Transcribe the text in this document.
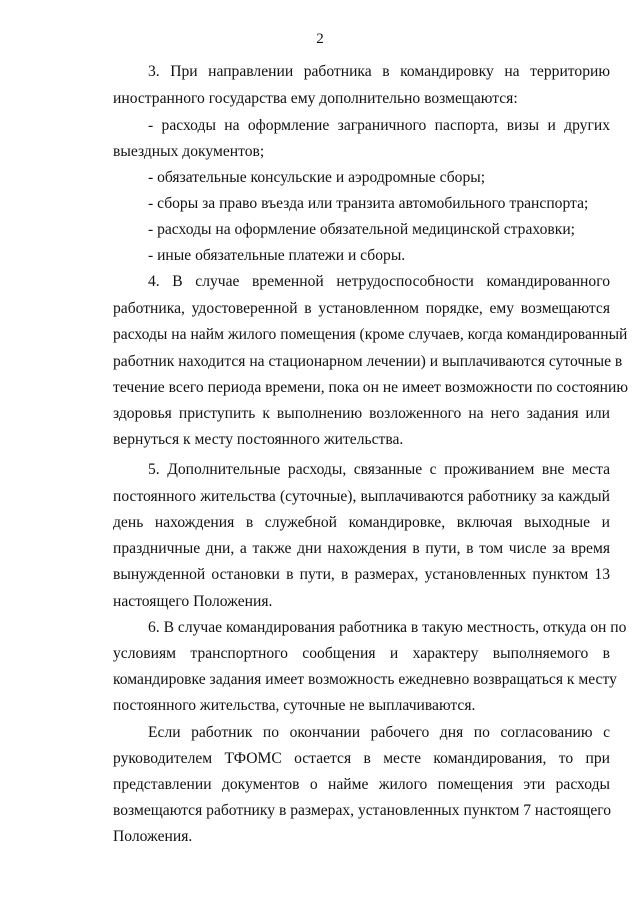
2
3. При направлении работника в командировку на территорию
иностранного государства ему дополнительно возмещаются:
- расходы на оформление заграничного паспорта, визы и других
выездных документов;
- обязательные консульские и аэродромные сборы;
- сборы за право въезда или транзита автомобильного транспорта;
- расходы на оформление обязательной медицинской страховки;
- иные обязательные платежи и сборы.
4. В случае временной нетрудоспособности командированного
работника, удостоверенной в установленном порядке, ему возмещаются
расходы на найм жилого помещения (кроме случаев, когда командированный
работник находится на стационарном лечении) и выплачиваются суточные в
течение всего периода времени, пока он не имеет возможности по состоянию
здоровья приступить к выполнению возложенного на него задания или
вернуться к месту постоянного жительства.
5. Дополнительные расходы, связанные с проживанием вне места
постоянного жительства (суточные), выплачиваются работнику за каждый
день нахождения в служебной командировке, включая выходные и
праздничные дни, а также дни нахождения в пути, в том числе за время
вынужденной остановки в пути, в размерах, установленных пунктом 13
настоящего Положения.
6. В случае командирования работника в такую местность, откуда он по
условиям транспортного сообщения и характеру выполняемого в
командировке задания имеет возможность ежедневно возвращаться к месту
постоянного жительства, суточные не выплачиваются.
Если работник по окончании рабочего дня по согласованию с
руководителем ТФОМС остается в месте командирования, то при
представлении документов о найме жилого помещения эти расходы
возмещаются работнику в размерах, установленных пунктом 7 настоящего
Положения.
